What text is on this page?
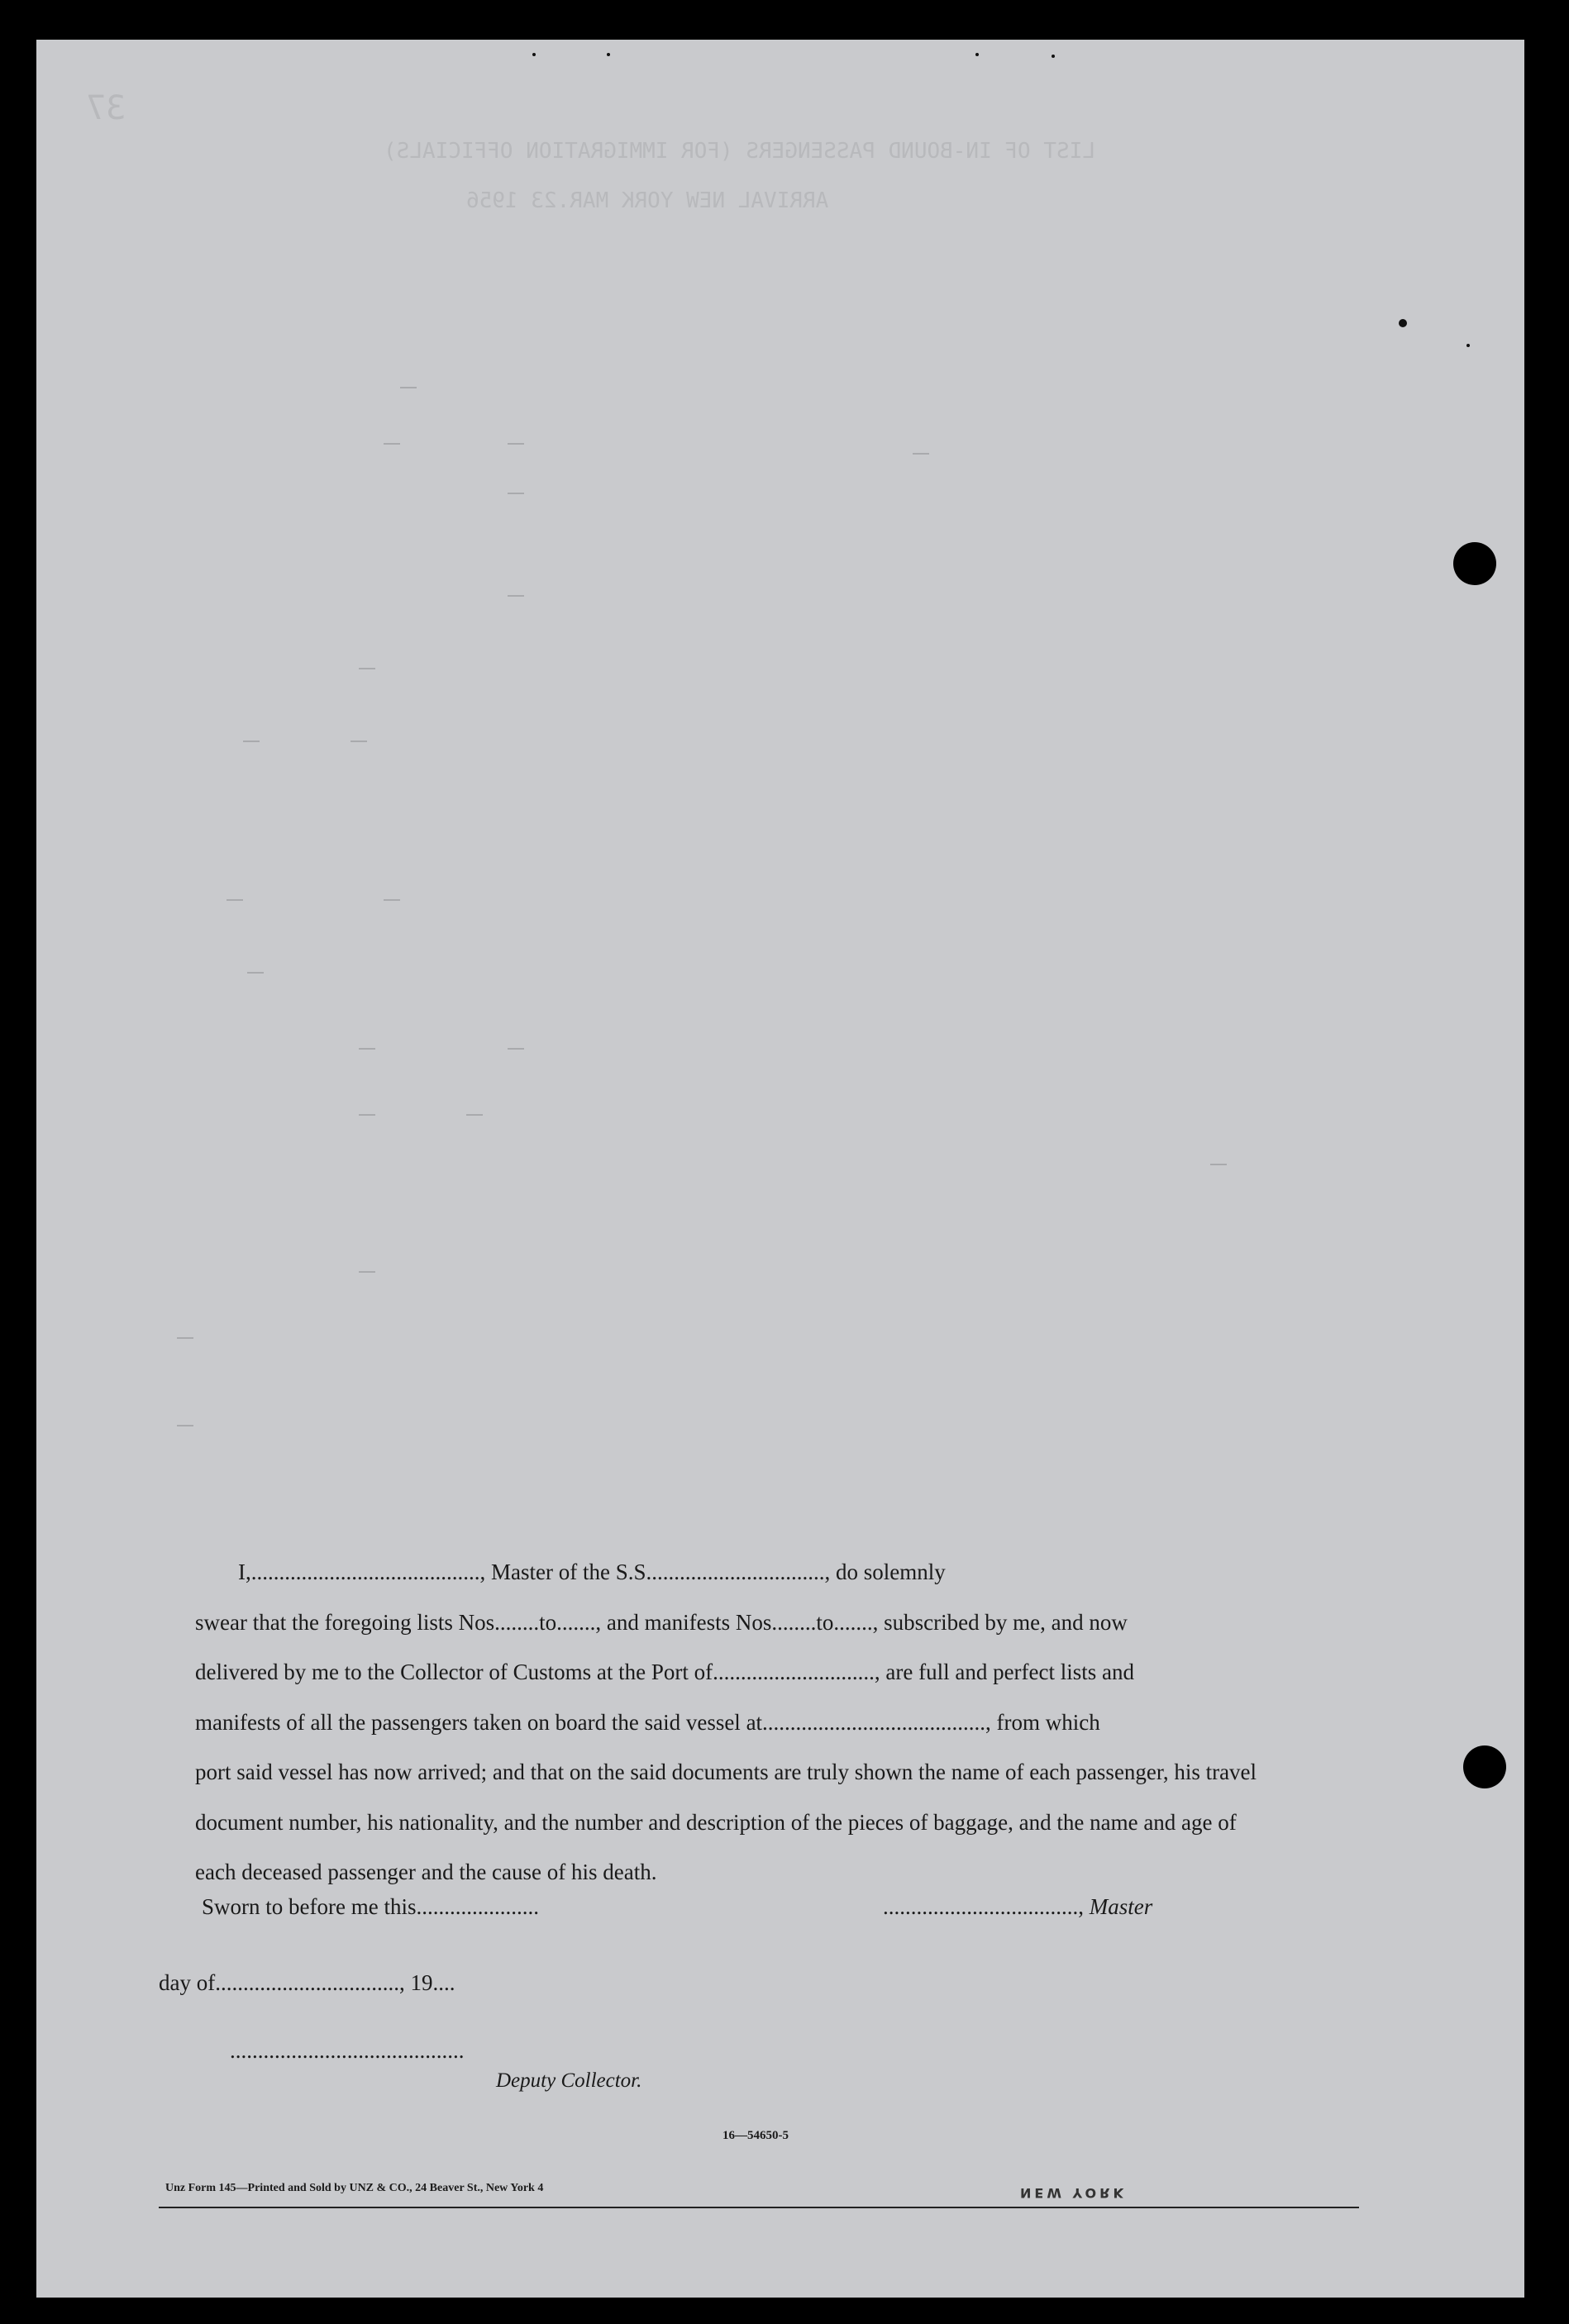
LIST OF IN-BOUND PASSENGERS (FOR IMMIGRATION OFFICIALS)
ARRIVAL NEW YORK MAR.23 1956
37

I,........................................., Master of the S.S................................, do solemnly

swear that the foregoing lists Nos........to......., and manifests Nos........to......., subscribed by me, and now

delivered by me to the Collector of Customs at the Port of............................., are full and perfect lists and

manifests of all the passengers taken on board the said vessel at........................................, from which

port said vessel has now arrived; and that on the said documents are truly shown the name of each passenger, his travel

document number, his nationality, and the number and description of the pieces of baggage, and the name and age of

each deceased passenger and the cause of his death.

Sworn to before me this......................	..................................., Master
day of................................., 19....
..........................................
Deputy Collector.
16—54650-5
NEW YORK
Unz Form 145—Printed and Sold by UNZ & CO., 24 Beaver St., New York 4
